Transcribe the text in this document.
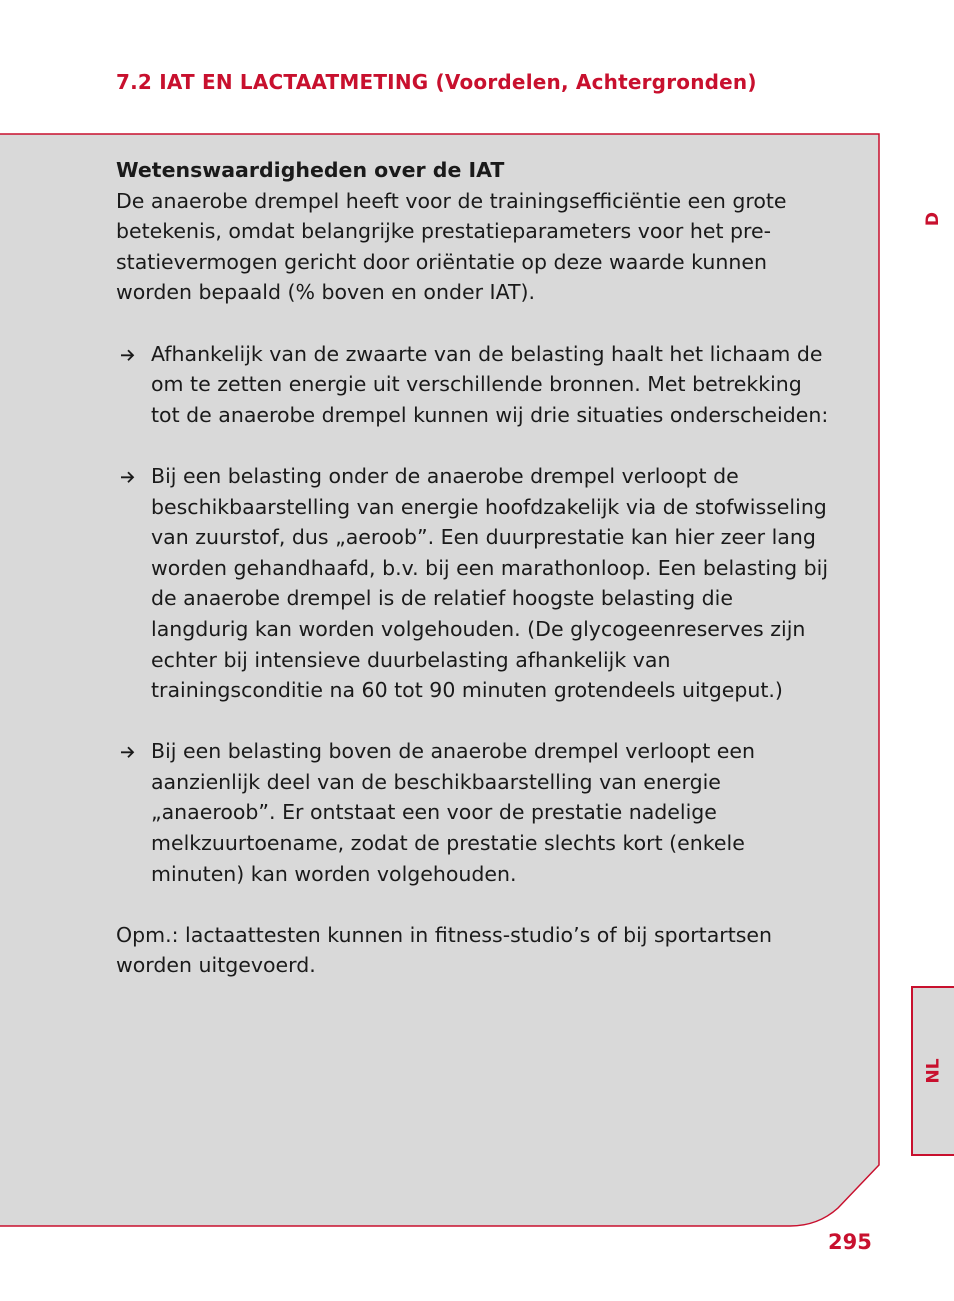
7.2 IAT EN LACTAATMETING (Voordelen, Achtergronden)
Wetenswaardigheden over de IAT

De anaerobe drempel heeft voor de trainingsefficiëntie een grote betekenis, omdat belangrijke prestatieparameters voor het prestatievermogen gericht door oriëntatie op deze waarde kunnen worden bepaald (% boven en onder IAT).

Afhankelijk van de zwaarte van de belasting haalt het lichaam de om te zetten energie uit verschillende bronnen. Met betrekking tot de anaerobe drempel kunnen wij drie situaties onderscheiden:

Bij een belasting onder de anaerobe drempel verloopt de beschikbaarstelling van energie hoofdzakelijk via de stofwisseling van zuurstof, dus „aeroob”. Een duurprestatie kan hier zeer lang worden gehandhaafd, b.v. bij een marathonloop. Een belasting bij de anaerobe drempel is de relatief hoogste belasting die langdurig kan worden volgehouden. (De glycogeenreserves zijn echter bij intensieve duurbelasting afhankelijk van trainingsconditie na 60 tot 90 minuten grotendeels uitgeput.)

Bij een belasting boven de anaerobe drempel verloopt een aanzienlijk deel van de beschikbaarstelling van energie „anaeroob”. Er ontstaat een voor de prestatie nadelige melkzuurtoename, zodat de prestatie slechts kort (enkele minuten) kan worden volgehouden.

Opm.: lactaattesten kunnen in fitness-studio’s of bij sportartsen worden uitgevoerd.

D
NL
295
